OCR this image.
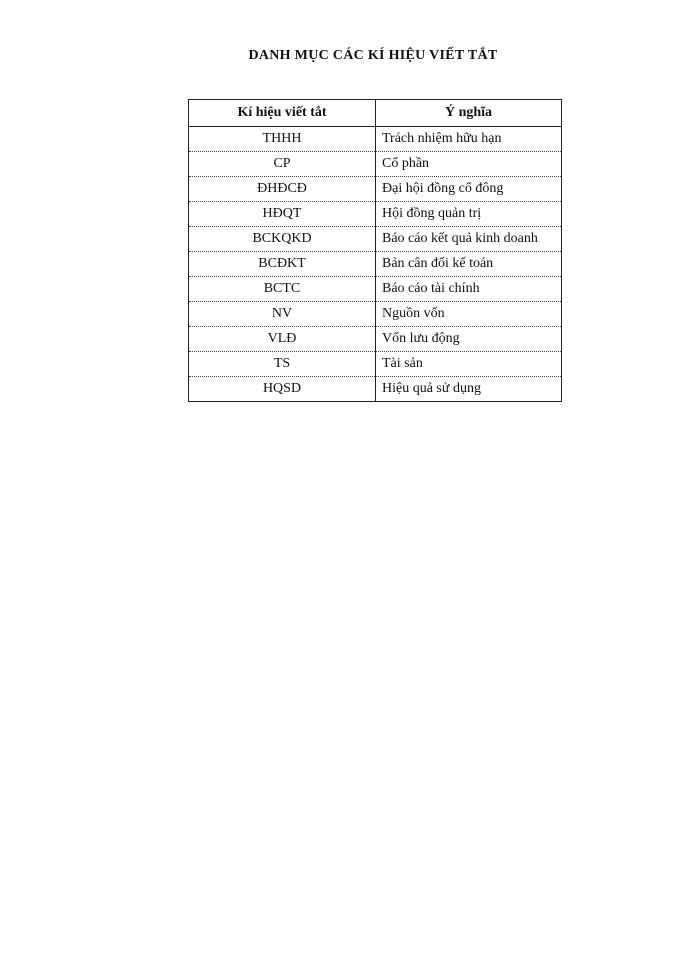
DANH MỤC CÁC KÍ HIỆU VIẾT TẮT
Kí hiệu viết tắt	Ý nghĩa
THHH	Trách nhiệm hữu hạn
CP	Cổ phần
ĐHĐCĐ	Đại hội đồng cổ đông
HĐQT	Hội đồng quản trị
BCKQKD	Báo cáo kết quả kinh doanh
BCĐKT	Bản cân đối kế toán
BCTC	Báo cáo tài chính
NV	Nguồn vốn
VLĐ	Vốn lưu động
TS	Tài sản
HQSD	Hiệu quả sử dụng
